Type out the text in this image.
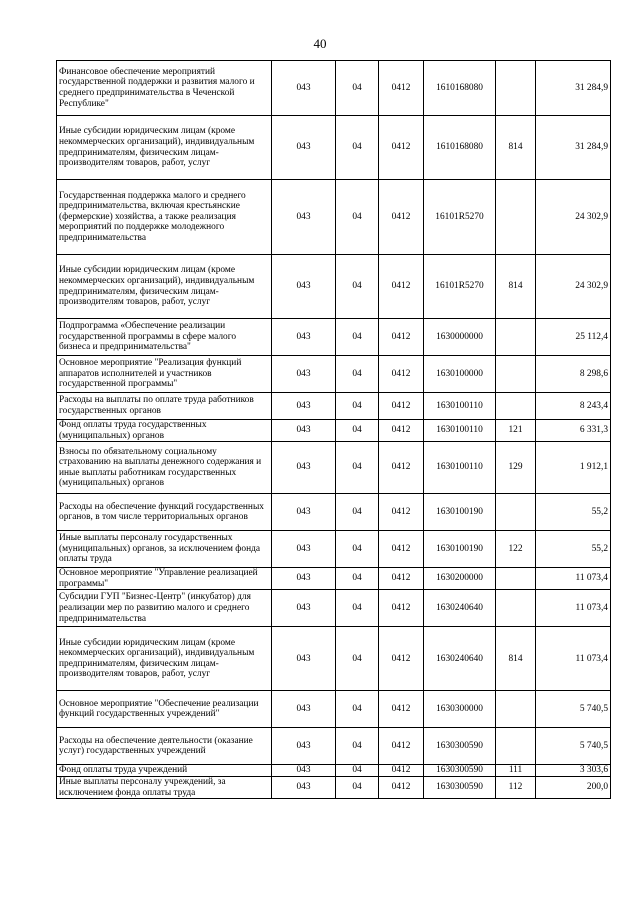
40
Финансовое обеспечение мероприятий государственной поддержки и развития малого и среднего предпринимательства в Чеченской Республике"	043	04	0412	1610168080		31 284,9
Иные субсидии юридическим лицам (кроме некоммерческих организаций), индивидуальным предпринимателям, физическим лицам-производителям товаров, работ, услуг	043	04	0412	1610168080	814	31 284,9
Государственная поддержка малого и среднего предпринимательства, включая крестьянские (фермерские) хозяйства, а также реализация мероприятий по поддержке молодежного предпринимательства	043	04	0412	16101R5270		24 302,9
Иные субсидии юридическим лицам (кроме некоммерческих организаций), индивидуальным предпринимателям, физическим лицам-производителям товаров, работ, услуг	043	04	0412	16101R5270	814	24 302,9
Подпрограмма «Обеспечение реализации государственной программы в сфере малого бизнеса и предпринимательства"	043	04	0412	1630000000		25 112,4
Основное мероприятие "Реализация функций аппаратов исполнителей и участников государственной программы"	043	04	0412	1630100000		8 298,6
Расходы на выплаты по оплате труда работников государственных органов	043	04	0412	1630100110		8 243,4
Фонд оплаты труда государственных (муниципальных) органов	043	04	0412	1630100110	121	6 331,3
Взносы по обязательному социальному страхованию на выплаты денежного содержания и иные выплаты работникам государственных (муниципальных) органов	043	04	0412	1630100110	129	1 912,1
Расходы на обеспечение функций государственных органов, в том числе территориальных органов	043	04	0412	1630100190		55,2
Иные выплаты персоналу государственных (муниципальных) органов, за исключением фонда оплаты труда	043	04	0412	1630100190	122	55,2
Основное мероприятие "Управление реализацией программы"	043	04	0412	1630200000		11 073,4
Субсидии ГУП "Бизнес-Центр" (инкубатор) для реализации мер по развитию малого и среднего предпринимательства	043	04	0412	1630240640		11 073,4
Иные субсидии юридическим лицам (кроме некоммерческих организаций), индивидуальным предпринимателям, физическим лицам-производителям товаров, работ, услуг	043	04	0412	1630240640	814	11 073,4
Основное мероприятие "Обеспечение реализации функций государственных учреждений"	043	04	0412	1630300000		5 740,5
Расходы на обеспечение деятельности (оказание услуг) государственных учреждений	043	04	0412	1630300590		5 740,5
Фонд оплаты труда учреждений	043	04	0412	1630300590	111	3 303,6
Иные выплаты персоналу учреждений, за исключением фонда оплаты труда	043	04	0412	1630300590	112	200,0
